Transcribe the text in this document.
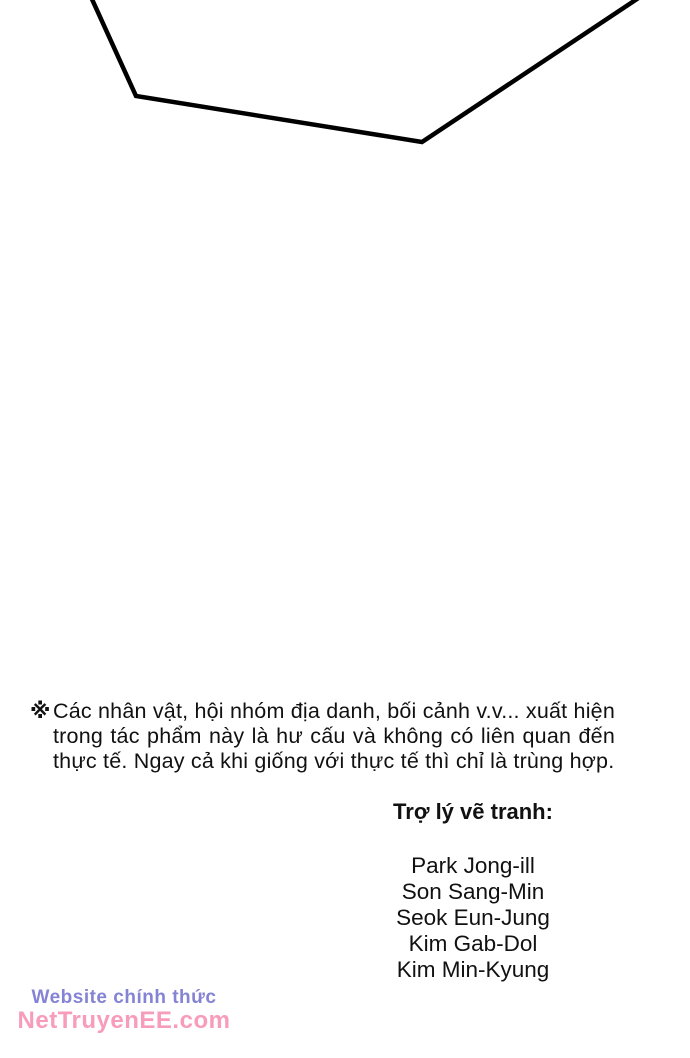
※ Các nhân vật, hội nhóm địa danh, bối cảnh v.v... xuất hiện trong tác phẩm này là hư cấu và không có liên quan đến thực tế. Ngay cả khi giống với thực tế thì chỉ là trùng hợp.
Trợ lý vẽ tranh:
Park Jong-ill
Son Sang-Min
Seok Eun-Jung
Kim Gab-Dol
Kim Min-Kyung
Website chính thức
NetTruyenEE.com
